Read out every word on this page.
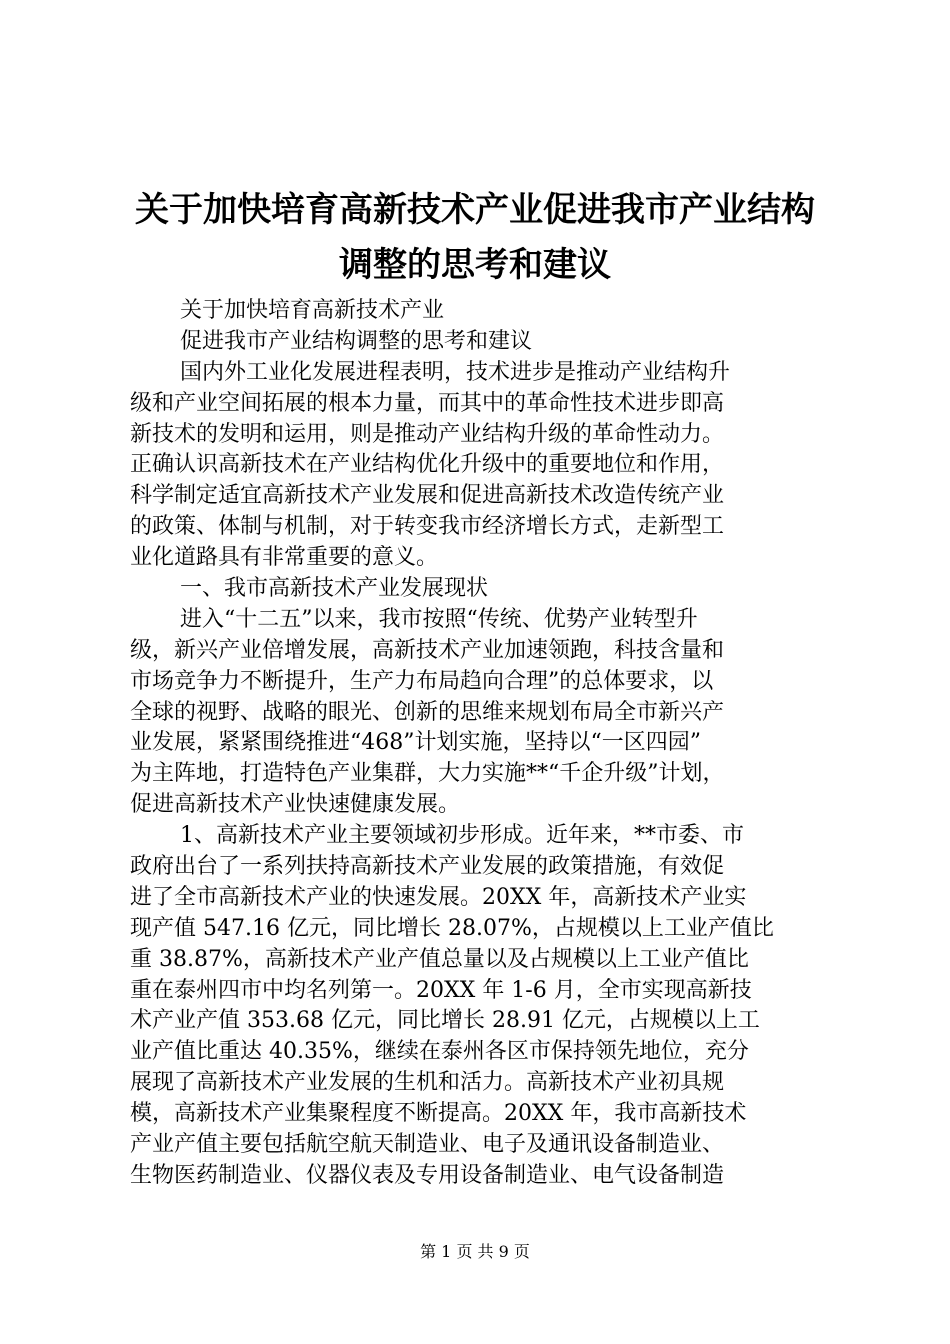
关于加快培育高新技术产业促进我市产业结构
调整的思考和建议
关于加快培育高新技术产业
促进我市产业结构调整的思考和建议
国内外工业化发展进程表明，技术进步是推动产业结构升
级和产业空间拓展的根本力量，而其中的革命性技术进步即高
新技术的发明和运用，则是推动产业结构升级的革命性动力。
正确认识高新技术在产业结构优化升级中的重要地位和作用，
科学制定适宜高新技术产业发展和促进高新技术改造传统产业
的政策、体制与机制，对于转变我市经济增长方式，走新型工
业化道路具有非常重要的意义。
一、我市高新技术产业发展现状
进入“十二五”以来，我市按照“传统、优势产业转型升
级，新兴产业倍增发展，高新技术产业加速领跑，科技含量和
市场竞争力不断提升，生产力布局趋向合理”的总体要求，以
全球的视野、战略的眼光、创新的思维来规划布局全市新兴产
业发展，紧紧围绕推进“468”计划实施，坚持以“一区四园”
为主阵地，打造特色产业集群，大力实施**“千企升级”计划，
促进高新技术产业快速健康发展。
1、高新技术产业主要领域初步形成。近年来，**市委、市
政府出台了一系列扶持高新技术产业发展的政策措施，有效促
进了全市高新技术产业的快速发展。20XX 年，高新技术产业实
现产值 547.16 亿元，同比增长 28.07%，占规模以上工业产值比
重 38.87%，高新技术产业产值总量以及占规模以上工业产值比
重在泰州四市中均名列第一。20XX 年 1-6 月，全市实现高新技
术产业产值 353.68 亿元，同比增长 28.91 亿元，占规模以上工
业产值比重达 40.35%，继续在泰州各区市保持领先地位，充分
展现了高新技术产业发展的生机和活力。高新技术产业初具规
模，高新技术产业集聚程度不断提高。20XX 年，我市高新技术
产业产值主要包括航空航天制造业、电子及通讯设备制造业、
生物医药制造业、仪器仪表及专用设备制造业、电气设备制造
第 1 页 共 9 页
